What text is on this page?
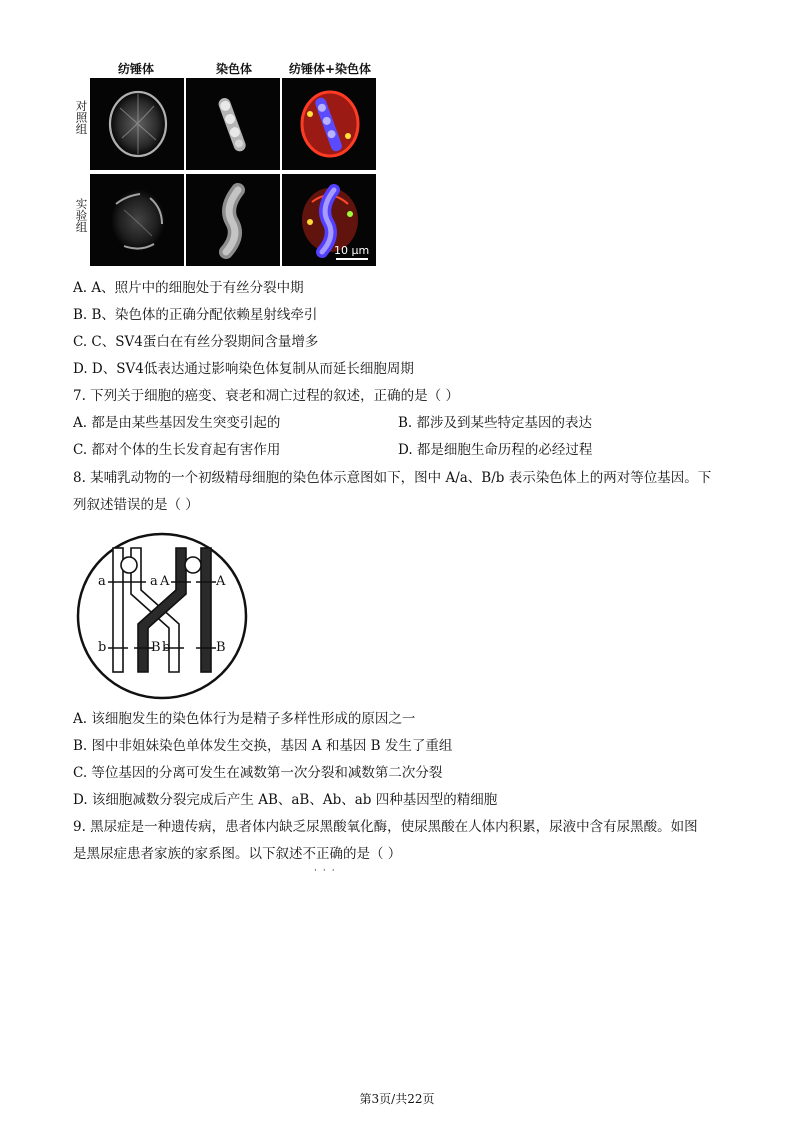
纺锤体	染色体	纺锤体+染色体
对照组
实验组
10 μm
A. A、照片中的细胞处于有丝分裂中期
B. B、染色体的正确分配依赖星射线牵引
C. C、SV4蛋白在有丝分裂期间含量增多
D. D、SV4低表达通过影响染色体复制从而延长细胞周期
7. 下列关于细胞的癌变、衰老和凋亡过程的叙述，正确的是（ ）
A. 都是由某些基因发生突变引起的	B. 都涉及到某些特定基因的表达
C. 都对个体的生长发育起有害作用	D. 都是细胞生命历程的必经过程
8. 某哺乳动物的一个初级精母细胞的染色体示意图如下，图中 A/a、B/b 表示染色体上的两对等位基因。下
列叙述错误的是（ ）
a	a A	A
b	B b	B
A. 该细胞发生的染色体行为是精子多样性形成的原因之一
B. 图中非姐妹染色单体发生交换，基因 A 和基因 B 发生了重组
C. 等位基因的分离可发生在减数第一次分裂和减数第二次分裂
D. 该细胞减数分裂完成后产生 AB、aB、Ab、ab 四种基因型的精细胞
9. 黑尿症是一种遗传病，患者体内缺乏尿黑酸氧化酶，使尿黑酸在人体内积累，尿液中含有尿黑酸。如图
是黑尿症患者家族的家系图。以下叙述不正确的是（ ）
···
第3页/共22页
